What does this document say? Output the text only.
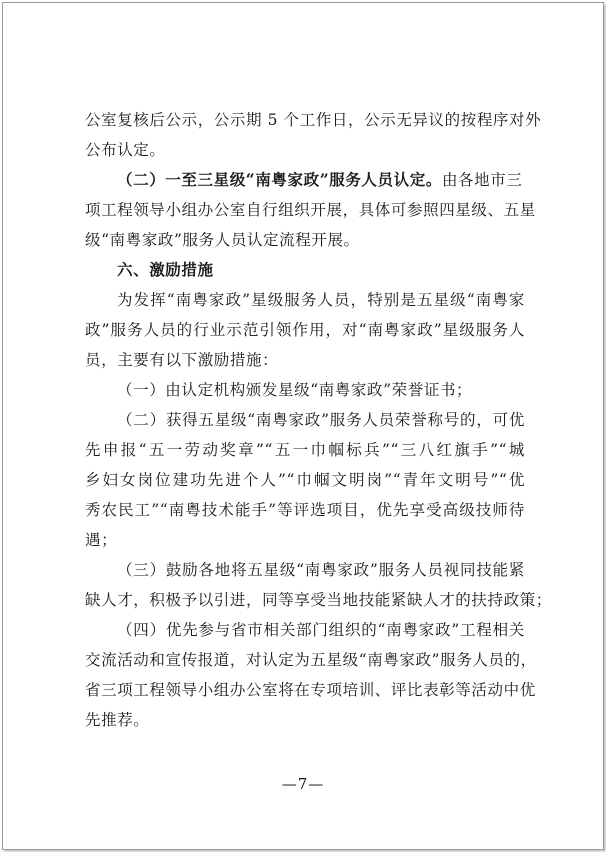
公室复核后公示，公示期 5 个工作日，公示无异议的按程序对外
公布认定。
（二）一至三星级“南粤家政”服务人员认定。由各地市三
项工程领导小组办公室自行组织开展，具体可参照四星级、五星
级“南粤家政”服务人员认定流程开展。
六、激励措施
为发挥“南粤家政”星级服务人员，特别是五星级“南粤家
政”服务人员的行业示范引领作用，对“南粤家政”星级服务人
员，主要有以下激励措施：
（一）由认定机构颁发星级“南粤家政”荣誉证书；
（二）获得五星级“南粤家政”服务人员荣誉称号的，可优
先申报“五一劳动奖章”“五一巾帼标兵”“三八红旗手”“城
乡妇女岗位建功先进个人”“巾帼文明岗”“青年文明号”“优
秀农民工”“南粤技术能手”等评选项目，优先享受高级技师待
遇；
（三）鼓励各地将五星级“南粤家政”服务人员视同技能紧
缺人才，积极予以引进，同等享受当地技能紧缺人才的扶持政策；
（四）优先参与省市相关部门组织的“南粤家政”工程相关
交流活动和宣传报道，对认定为五星级“南粤家政”服务人员的，
省三项工程领导小组办公室将在专项培训、评比表彰等活动中优
先推荐。
—7—
